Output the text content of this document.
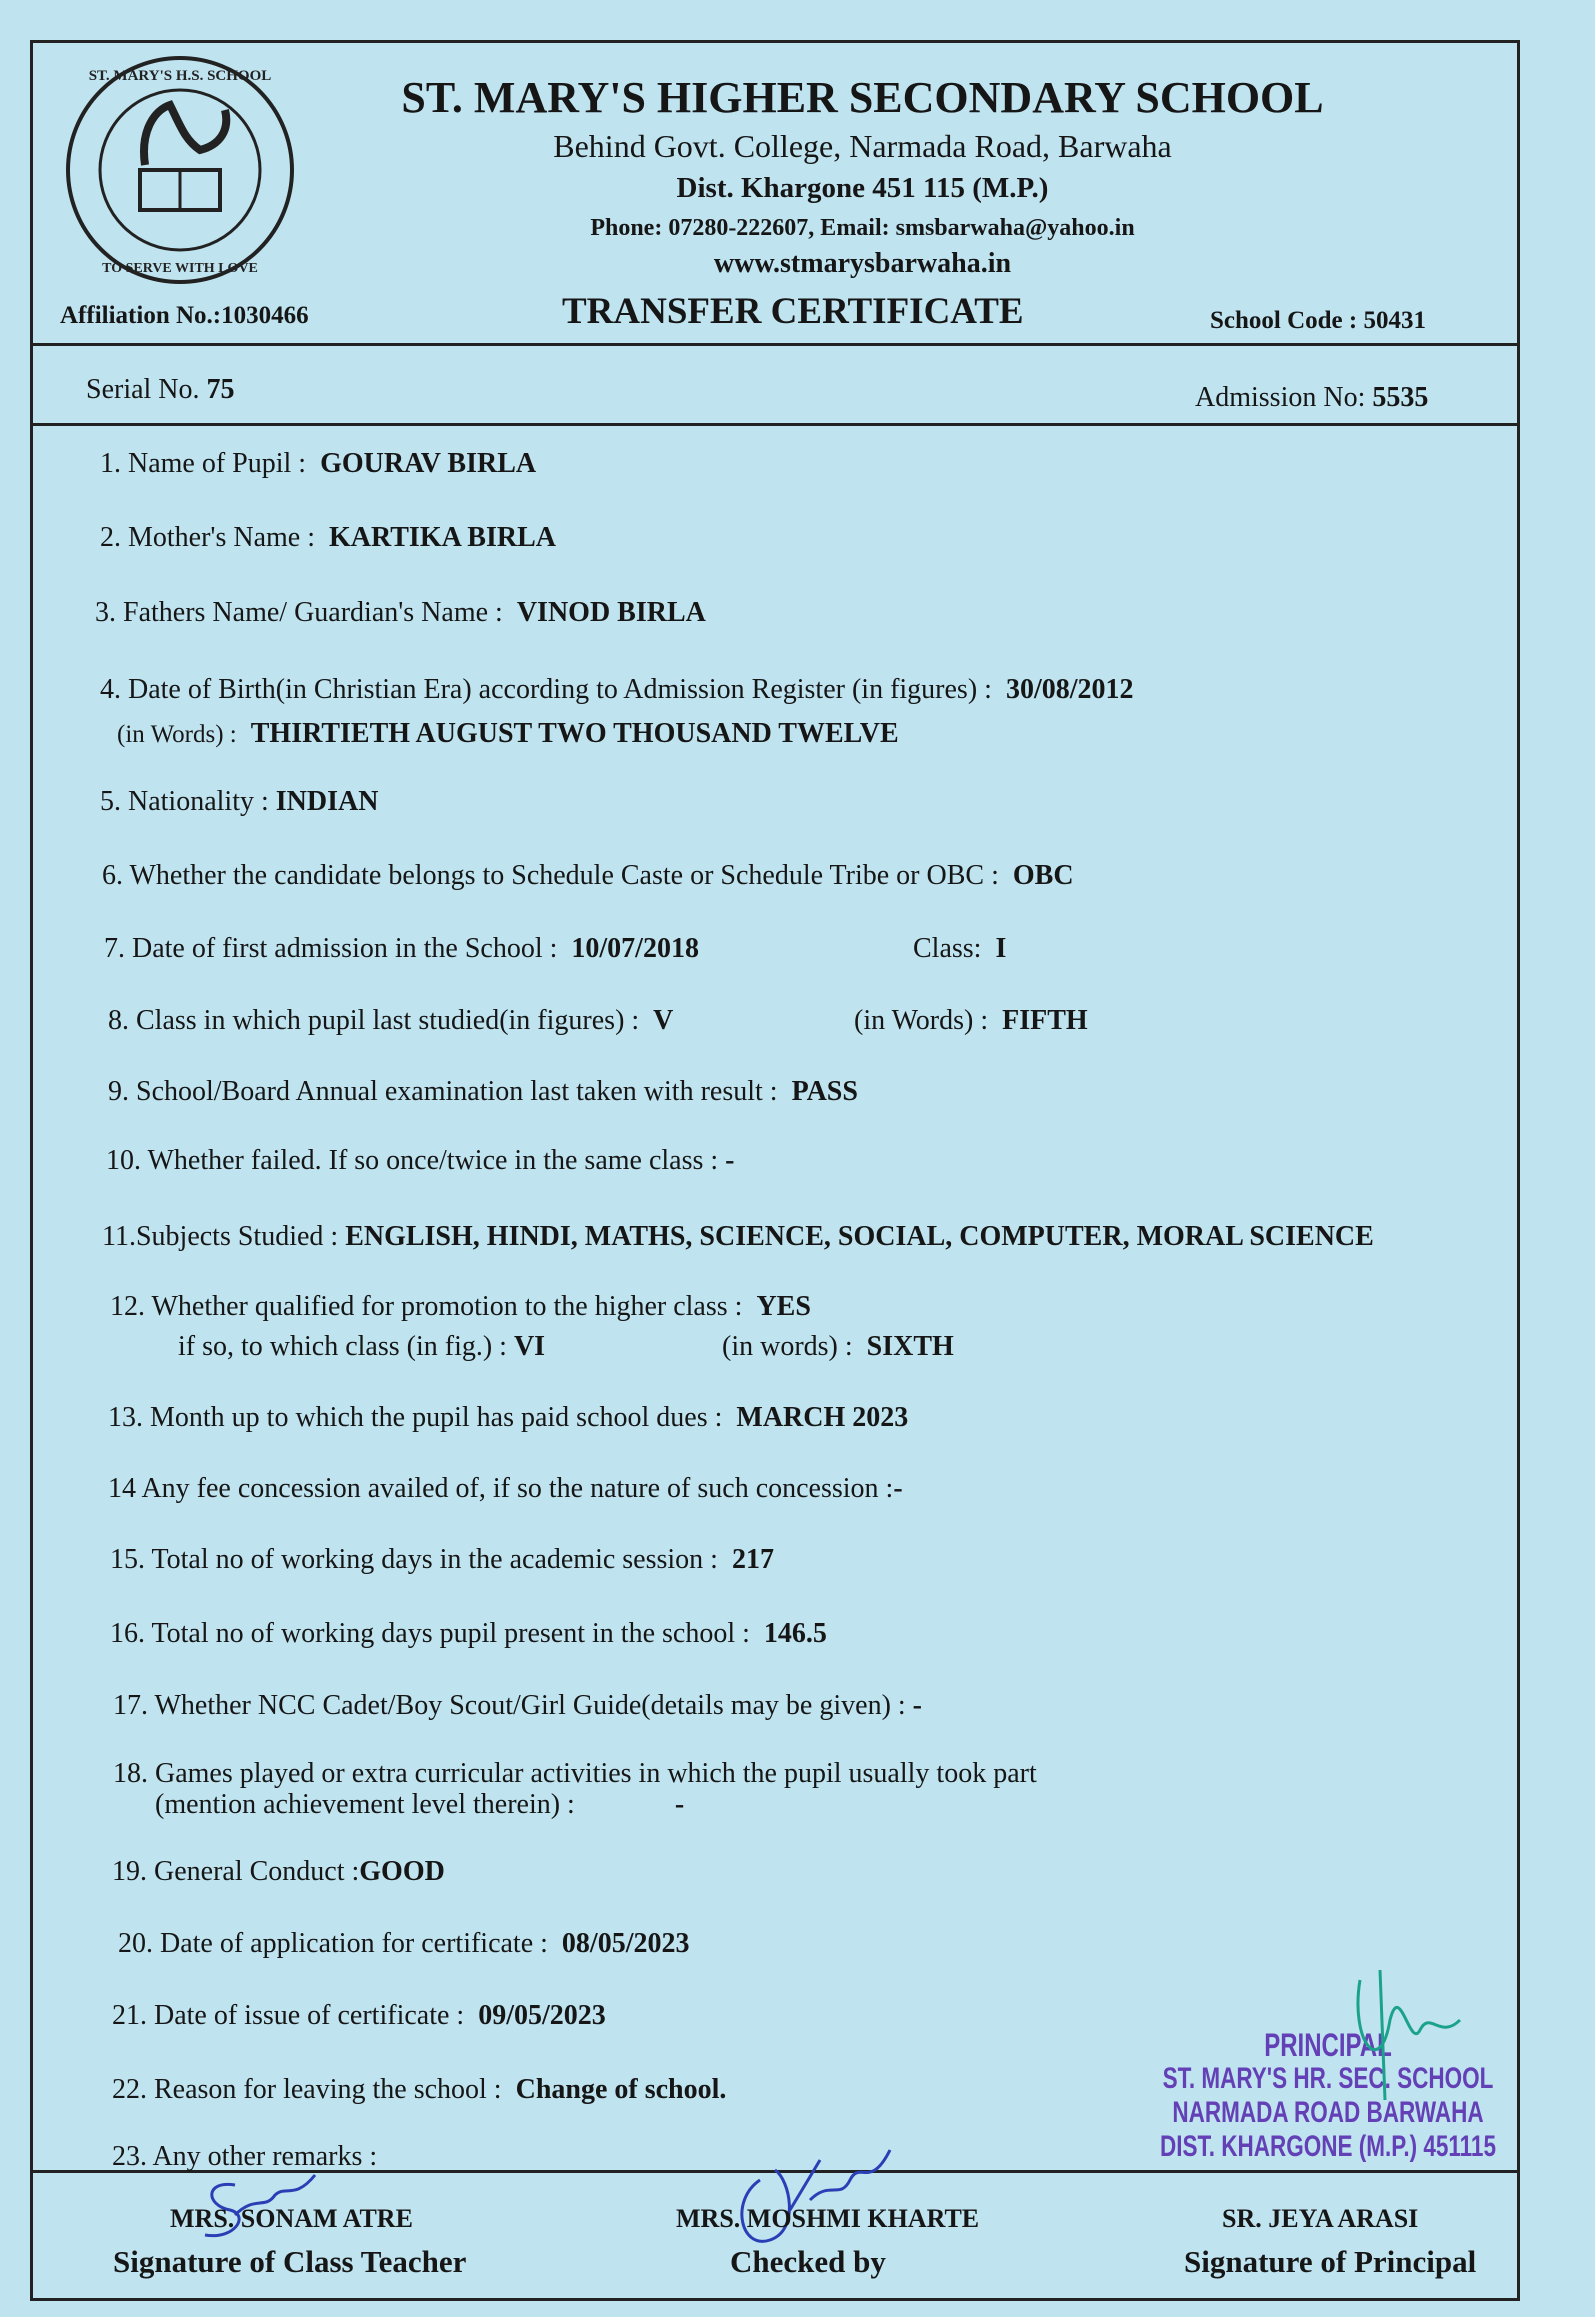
ST. MARY'S H.S. SCHOOL
TO SERVE WITH LOVE
ST. MARY'S HIGHER SECONDARY SCHOOL
Behind Govt. College, Narmada Road, Barwaha
Dist. Khargone 451 115 (M.P.)
Phone: 07280-222607, Email: smsbarwaha@yahoo.in
www.stmarysbarwaha.in
Affiliation No.:1030466	TRANSFER CERTIFICATE	School Code : 50431
Serial No. 75	Admission No: 5535
1. Name of Pupil : GOURAV BIRLA
2. Mother's Name : KARTIKA BIRLA
3. Fathers Name/ Guardian's Name : VINOD BIRLA
4. Date of Birth(in Christian Era) according to Admission Register (in figures) : 30/08/2012
(in Words) : THIRTIETH AUGUST TWO THOUSAND TWELVE
5. Nationality : INDIAN
6. Whether the candidate belongs to Schedule Caste or Schedule Tribe or OBC : OBC
7. Date of first admission in the School : 10/07/2018	Class: I
8. Class in which pupil last studied(in figures) : V	(in Words) : FIFTH
9. School/Board Annual examination last taken with result : PASS
10. Whether failed. If so once/twice in the same class : -
11.Subjects Studied : ENGLISH, HINDI, MATHS, SCIENCE, SOCIAL, COMPUTER, MORAL SCIENCE
12. Whether qualified for promotion to the higher class : YES
if so, to which class (in fig.) : VI	(in words) : SIXTH
13. Month up to which the pupil has paid school dues : MARCH 2023
14 Any fee concession availed of, if so the nature of such concession :-
15. Total no of working days in the academic session : 217
16. Total no of working days pupil present in the school : 146.5
17. Whether NCC Cadet/Boy Scout/Girl Guide(details may be given) : -
18. Games played or extra curricular activities in which the pupil usually took part
(mention achievement level therein) :	-
19. General Conduct :GOOD
20. Date of application for certificate : 08/05/2023
21. Date of issue of certificate : 09/05/2023
22. Reason for leaving the school : Change of school.
23. Any other remarks :
PRINCIPAL
ST. MARY'S HR. SEC. SCHOOL
NARMADA ROAD BARWAHA
DIST. KHARGONE (M.P.) 451115
MRS. SONAM ATRE
Signature of Class Teacher
MRS. MOSHMI KHARTE
Checked by
SR. JEYA ARASI
Signature of Principal
